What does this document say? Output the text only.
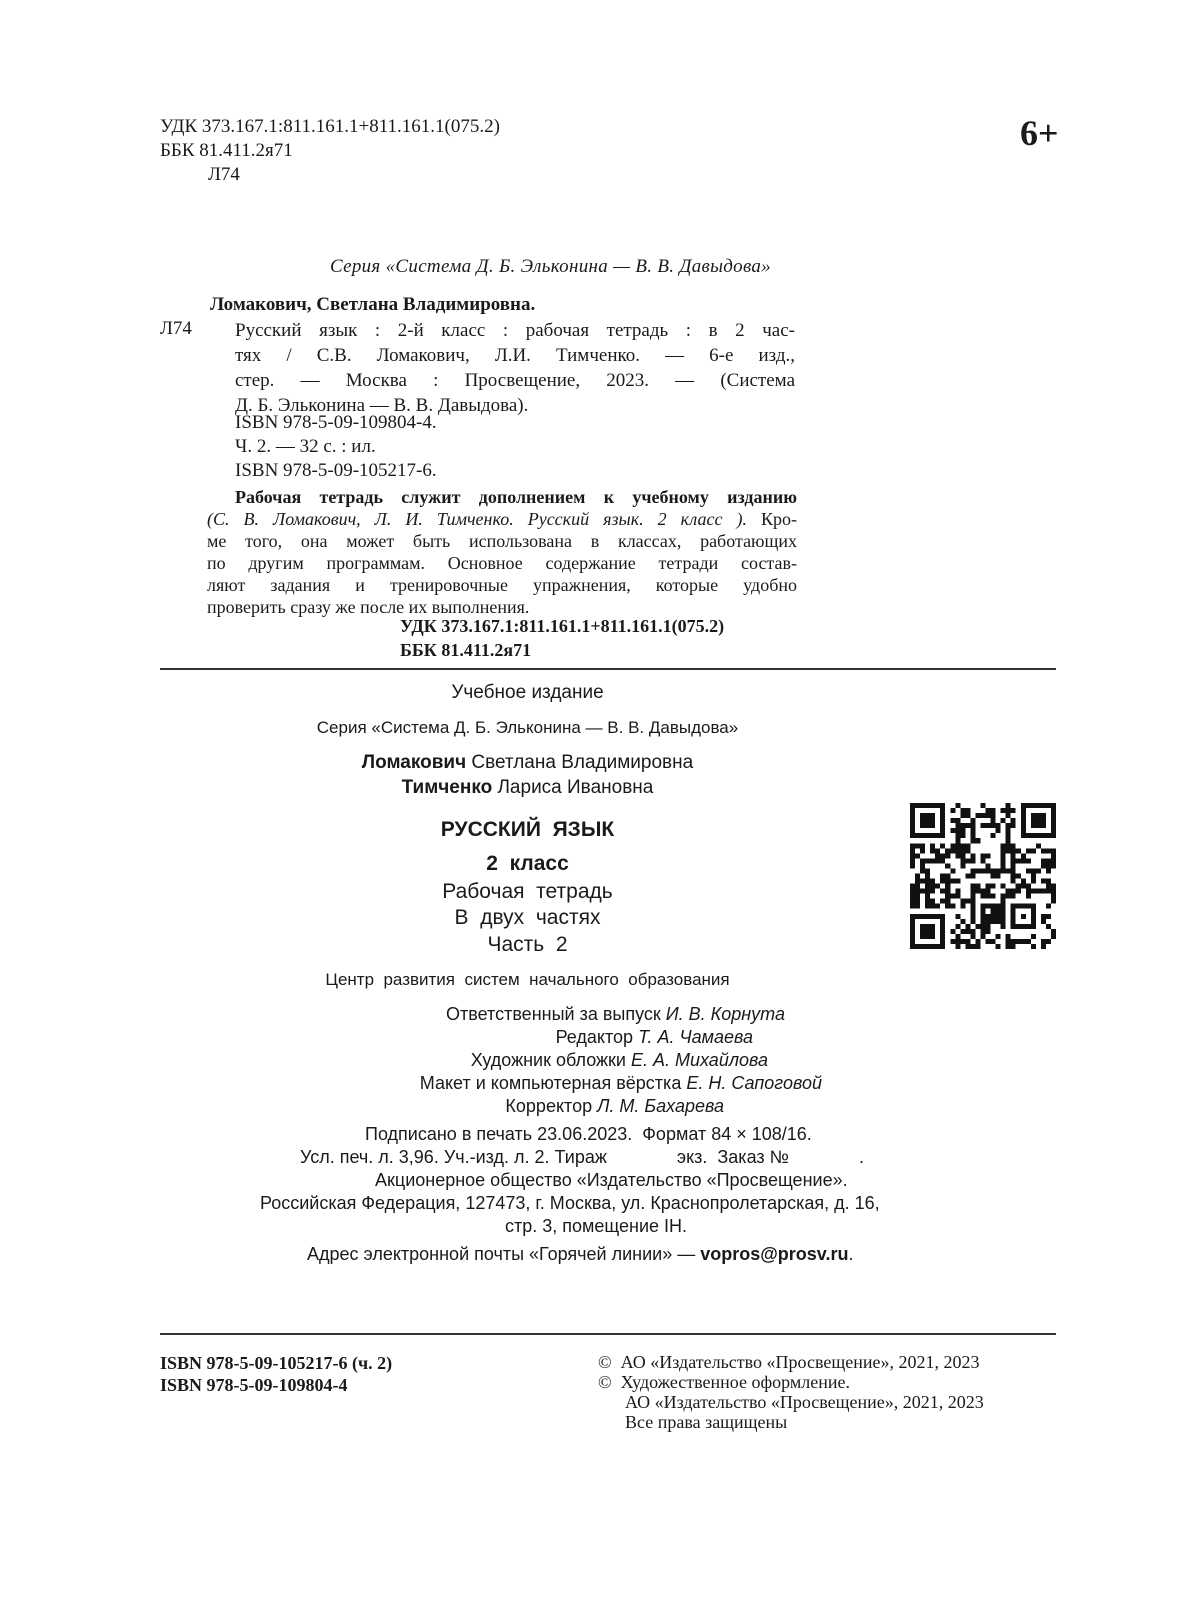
УДК 373.167.1:811.161.1+811.161.1(075.2)
ББК 81.411.2я71
Л74
6+
Серия «Система Д. Б. Эльконина — В. В. Давыдова»
Ломакович, Светлана Владимировна.
Л74 Русский язык : 2-й класс : рабочая тетрадь : в 2 час-
тях / С.В. Ломакович, Л.И. Тимченко. — 6-е изд.,
стер. — Москва : Просвещение, 2023. — (Система
Д. Б. Эльконина — В. В. Давыдова).
ISBN 978-5-09-109804-4.
Ч. 2. — 32 с. : ил.
ISBN 978-5-09-105217-6.
Рабочая тетрадь служит дополнением к учебному изданию
(С. В. Ломакович, Л. И. Тимченко. Русский язык. 2 класс ). Кро-
ме того, она может быть использована в классах, работающих
по другим программам. Основное содержание тетради состав-
ляют задания и тренировочные упражнения, которые удобно
проверить сразу же после их выполнения.
УДК 373.167.1:811.161.1+811.161.1(075.2)
ББК 81.411.2я71
Учебное издание
Серия «Система Д. Б. Эльконина — В. В. Давыдова»
Ломакович Светлана Владимировна
Тимченко Лариса Ивановна
РУССКИЙ  ЯЗЫК
2  класс
Рабочая  тетрадь
В  двух  частях
Часть  2
Центр  развития  систем  начального  образования
Ответственный за выпуск И. В. Корнута
Редактор Т. А. Чамаева
Художник обложки Е. А. Михайлова
Макет и компьютерная вёрстка Е. Н. Сапоговой
Корректор Л. М. Бахарева
Подписано в печать 23.06.2023.  Формат 84 × 108/16.
Усл. печ. л. 3,96. Уч.-изд. л. 2. Тираж              экз.  Заказ №              .
Акционерное общество «Издательство «Просвещение».
Российская Федерация, 127473, г. Москва, ул. Краснопролетарская, д. 16,
стр. 3, помещение IН.
Адрес электронной почты «Горячей линии» — vopros@prosv.ru.
ISBN 978-5-09-105217-6 (ч. 2)
ISBN 978-5-09-109804-4
©  АО «Издательство «Просвещение», 2021, 2023
©  Художественное оформление.
АО «Издательство «Просвещение», 2021, 2023
Все права защищены
